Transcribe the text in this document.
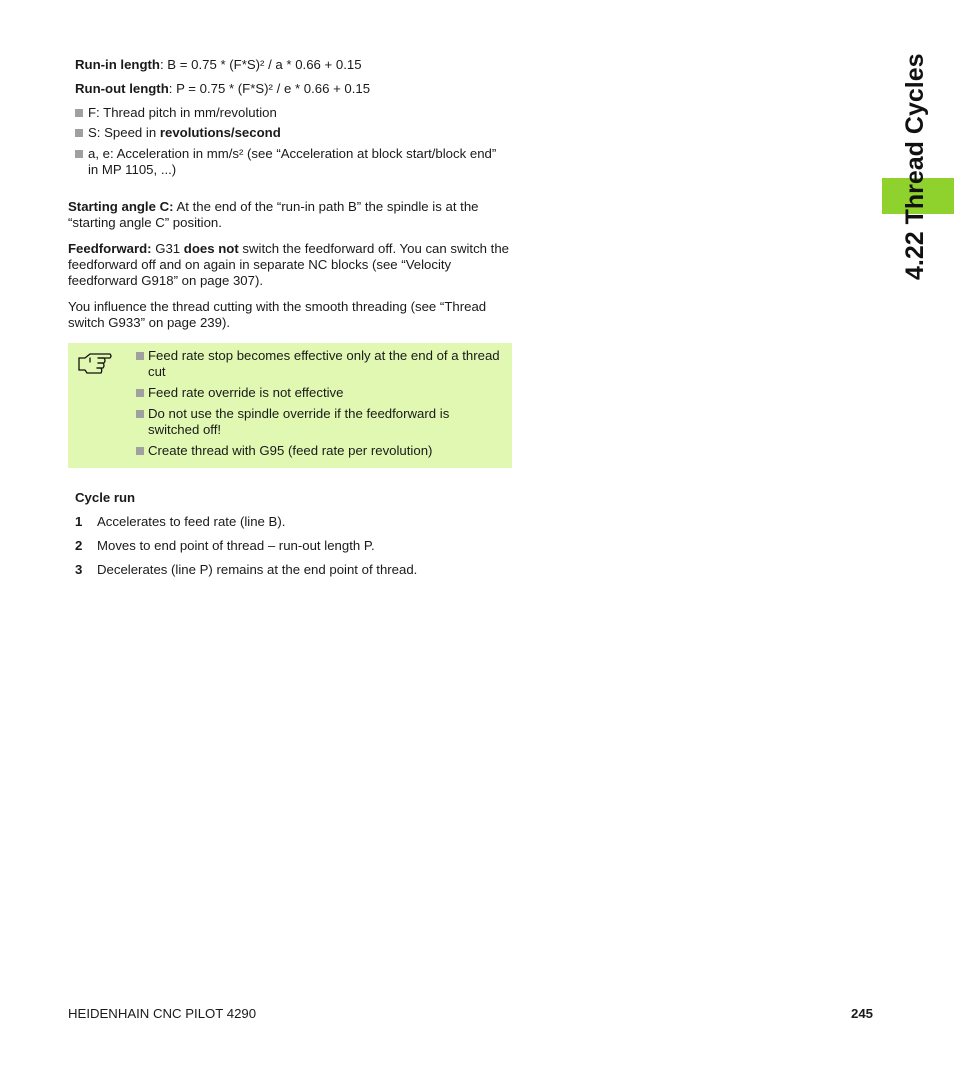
Run-in length: B = 0.75 * (F*S)² / a * 0.66 + 0.15
Run-out length: P = 0.75 * (F*S)² / e * 0.66 + 0.15
F: Thread pitch in mm/revolution
S: Speed in revolutions/second
a, e: Acceleration in mm/s² (see “Acceleration at block start/block end” in MP 1105, ...)
Starting angle C: At the end of the “run-in path B” the spindle is at the “starting angle C” position.
Feedforward: G31 does not switch the feedforward off. You can switch the feedforward off and on again in separate NC blocks (see “Velocity feedforward G918” on page 307).
You influence the thread cutting with the smooth threading (see “Thread switch G933” on page 239).
Feed rate stop becomes effective only at the end of a thread cut
Feed rate override is not effective
Do not use the spindle override if the feedforward is switched off!
Create thread with G95 (feed rate per revolution)
Cycle run
1 Accelerates to feed rate (line B).
2 Moves to end point of thread – run-out length P.
3 Decelerates (line P) remains at the end point of thread.
4.22 Thread Cycles
HEIDENHAIN CNC PILOT 4290	245
